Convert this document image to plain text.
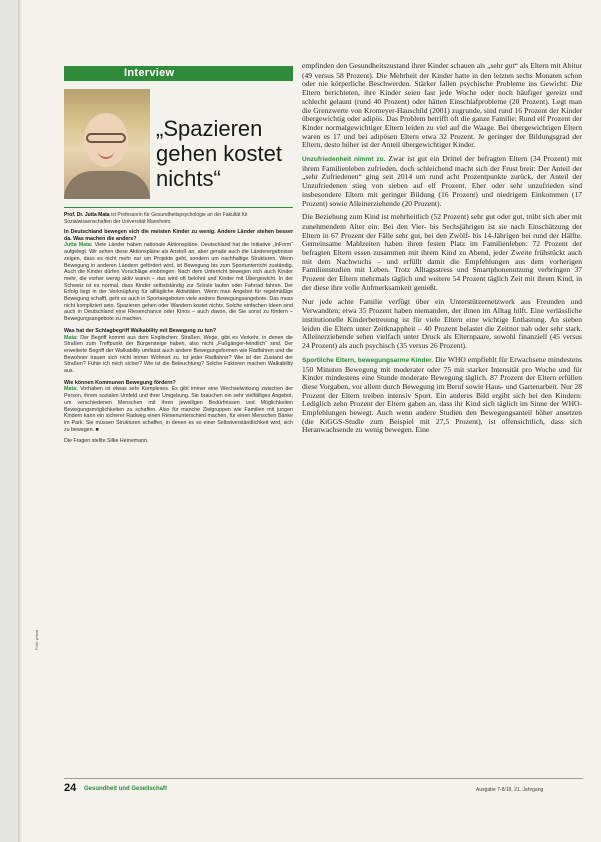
Interview
„Spazieren gehen kostet nichts“
Prof. Dr. Jutta Mata ist Professorin für Gesundheitspsychologie an der Fakultät für Sozialwissenschaften der Universität Mannheim.

In Deutschland bewegen sich die meisten Kinder zu wenig. Andere Länder stehen besser da. Was machen die anders?
Jutta Mata: Viele Länder haben nationale Aktionspläne. Deutschland hat die Initiative „InForm“ aufgelegt. Wir sehen diese Aktionspläne als Anstoß an, aber gerade auch die Länderergebnisse zeigen, dass es nicht mehr nur um Projekte geht, sondern um nachhaltige Strukturen. Wenn Bewegung in anderen Ländern gefördert wird, ist Bewegung bis zum Sportunterricht zuständig. Auch die Kinder dürfen Vorschläge einbringen: Nach dem Unterricht bewegen sich auch Kinder mehr, die vorher wenig aktiv waren – das wird oft belohnt und Kinder mit Übergewicht. In der Schweiz ist es normal, dass Kinder selbstständig zur Schule laufen oder Fahrrad fahren. Der Erfolg liegt in der Verknüpfung für alltägliche Aktivitäten. Wenn man Angebot für regelmäßige Bewegung schafft, geht es auch in Sportangeboten viele andere Bewegungsangebote. Das muss nicht kompliziert sein. Spazieren gehen oder Wandern kostet nichts. Solche einfachen Ideen sind auch in Deutschland eine Riesenchance oder Kinos – auch davon, die Sie sonst zu fördern – Bewegungsangebote zu machen.

Was hat der Schlagbegriff Walkability mit Bewegung zu tun?
Mata: Der Begriff kommt aus dem Englischen: Straßen, Wege, gibt es Verkehr, in denen die Straßen zum Treffpunkt der Bürgersteige haben, also nicht „Fußgänger-feindlich“ sind. Der erweiterte Begriff der Walkability umfasst auch andere Bewegungsformen wie Radfahren und die Bewohner trauen sich nicht immer Wohnort zu. Ist jeder Radfahrer? Wie ist der Zustand der Straßen? Fühle ich mich sicher? Wie ist die Beleuchtung? Solche Faktoren machen Walkability aus.

Wie können Kommunen Bewegung fördern?
Mata: Vorhaben ist etwas sehr Komplexes. Es gibt immer eine Wechselwirkung zwischen der Person, ihrem sozialen Umfeld und ihrer Umgebung. Sie brauchen ein sehr vielfältiges Angebot, um verschiedenen Menschen mit ihren jeweiligen Bedürfnissen und Möglichkeiten Bewegungsmöglichkeiten zu schaffen. Also für manche Zielgruppen wie Familien mit jungen Kindern kann ein sicherer Radweg einen Riesenunterschied machen, für einen Menschen Bänke im Park. Sie müssen Strukturen schaffen, in denen es so einer Selbstverständlichkeit wird, sich zu bewegen. ■

Die Fragen stellte Silke Heinemann.

Foto: privat

empfinden den Gesundheitszustand ihrer Kinder schauen als „sehr gut“ als Eltern mit Abitur (49 versus 58 Prozent). Die Mehrheit der Kinder hatte in den letzten sechs Monaten schon oder nie körperliche Beschwerden. Stärker fallen psychische Probleme ins Gewicht: Die Eltern berichteten, ihre Kinder seien fast jede Woche oder noch häufiger gereizt und schlecht gelaunt (rund 40 Prozent) oder hätten Einschlafprobleme (20 Prozent). Legt man die Grenzwerte von Kromeyer-Hauschild (2001) zugrunde, sind rund 16 Prozent der Kinder übergewichtig oder adipös. Das Problem betrifft oft die ganze Familie: Rund elf Prozent der Kinder normalgewichtiger Eltern leiden zu viel auf die Waage. Bei übergewichtigen Eltern waren es 17 und bei adipösen Eltern etwa 32 Prozent. Je geringer der Bildungsgrad der Eltern, desto höher ist der Anteil übergewichtiger Kinder.

Unzufriedenheit nimmt zu. Zwar ist gut ein Drittel der befragten Eltern (34 Prozent) mit ihrem Familienleben zufrieden, doch schleichend macht sich der Frust breit: Der Anteil der „sehr Zufriedenen“ ging seit 2014 um rund acht Prozentpunkte zurück, der Anteil der Unzufriedenen stieg von sieben auf elf Prozent. Eher oder sehr unzufrieden sind insbesondere Eltern mit geringer Bildung (16 Prozent) und niedrigem Einkommen (17 Prozent) sowie Alleinerziehende (20 Prozent).

Die Beziehung zum Kind ist mehrheitlich (52 Prozent) sehr gut oder gut, trübt sich aber mit zunehmendem Alter ein: Bei den Vier- bis Sechsjährigen ist sie nach Einschätzung der Eltern in 67 Prozent der Fälle sehr gut, bei den Zwölf- bis 14-Jährigen bei rund der Hälfte. Gemeinsame Mahlzeiten haben ihren festen Platz im Familienleben: 72 Prozent der befragten Eltern essen zusammen mit ihrem Kind zu Abend, jeder Zweite frühstückt auch mit dem Nachwuchs – und erfüllt damit die Empfehlungen aus dem vorherigen Familienstudien mit Leben. Trotz Alltagsstress und Smartphonenutzung verbringen 37 Prozent der Eltern mehrmals täglich und weitere 54 Prozent täglich Zeit mit ihrem Kind, in der diese ihre volle Aufmerksamkeit genießt.

Nur jede achte Familie verfügt über ein Unterstützernetzwerk aus Freunden und Verwandten; etwa 35 Prozent haben niemanden, der ihnen im Alltag hilft. Eine verlässliche institutionelle Kinderbetreuung ist für viele Eltern eine wichtige Entlastung. An sieben leiden die Eltern unter Zeitknappheit – 40 Prozent belastet die Zeitnot nah oder sehr stark. Alleinerziehende sehen vielfach unter Druck als Elternpaare, sowohl finanziell (45 versus 24 Prozent) als auch psychisch (35 versus 26 Prozent).

Sportliche Eltern, bewegungsarme Kinder. Die WHO empfiehlt für Erwachsene mindestens 150 Minuten Bewegung mit moderater oder 75 mit starker Intensität pro Woche und für Kinder mindestens eine Stunde moderate Bewegung täglich. 87 Prozent der Eltern erfüllen diese Vorgaben, vor allem durch Bewegung im Beruf sowie Haus- und Gartenarbeit. Nur 28 Prozent der Eltern treiben intensiv Sport. Ein anderes Bild ergibt sich bei den Kindern: Lediglich zehn Prozent der Eltern gaben an, dass ihr Kind sich täglich im Sinne der WHO-Empfehlungen bewegt. Auch wenn andere Studien den Bewegungsanteil höher ansetzen (die KiGGS-Studie zum Beispiel mit 27,5 Prozent), ist offensichtlich, dass sich Heranwachsende zu wenig bewegen. Eine

24 Gesundheit und Gesellschaft	Ausgabe 7-8/18, 21. Jahrgang
